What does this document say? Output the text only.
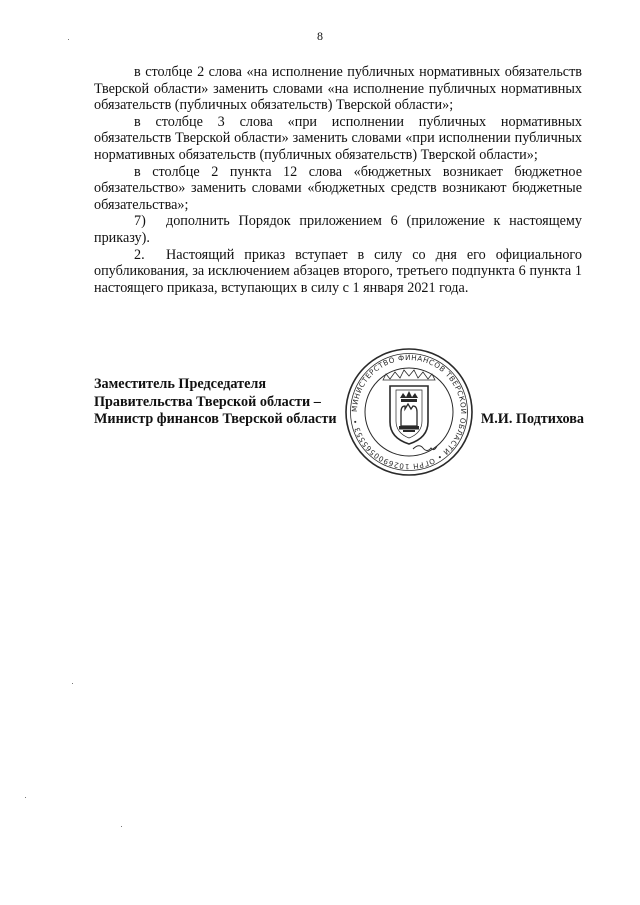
8

в столбце 2 слова «на исполнение публичных нормативных обязательств Тверской области» заменить словами «на исполнение публичных нормативных обязательств (публичных обязательств) Тверской области»;

в столбце 3 слова «при исполнении публичных нормативных обязательств Тверской области» заменить словами «при исполнении публичных нормативных обязательств (публичных обязательств) Тверской области»;

в столбце 2 пункта 12 слова «бюджетных возникает бюджетное обязательство» заменить словами «бюджетных средств возникают бюджетные обязательства»;

7) дополнить Порядок приложением 6 (приложение к настоящему приказу).

2. Настоящий приказ вступает в силу со дня его официального опубликования, за исключением абзацев второго, третьего подпункта 6 пункта 1 настоящего приказа, вступающих в силу с 1 января 2021 года.

Заместитель Председателя
Правительства Тверской области –
Министр финансов Тверской области	М.И. Подтихова
МИНИСТЕРСТВО ФИНАНСОВ ТВЕРСКОЙ ОБЛАСТИ • ОГРН 1026900565553 •
